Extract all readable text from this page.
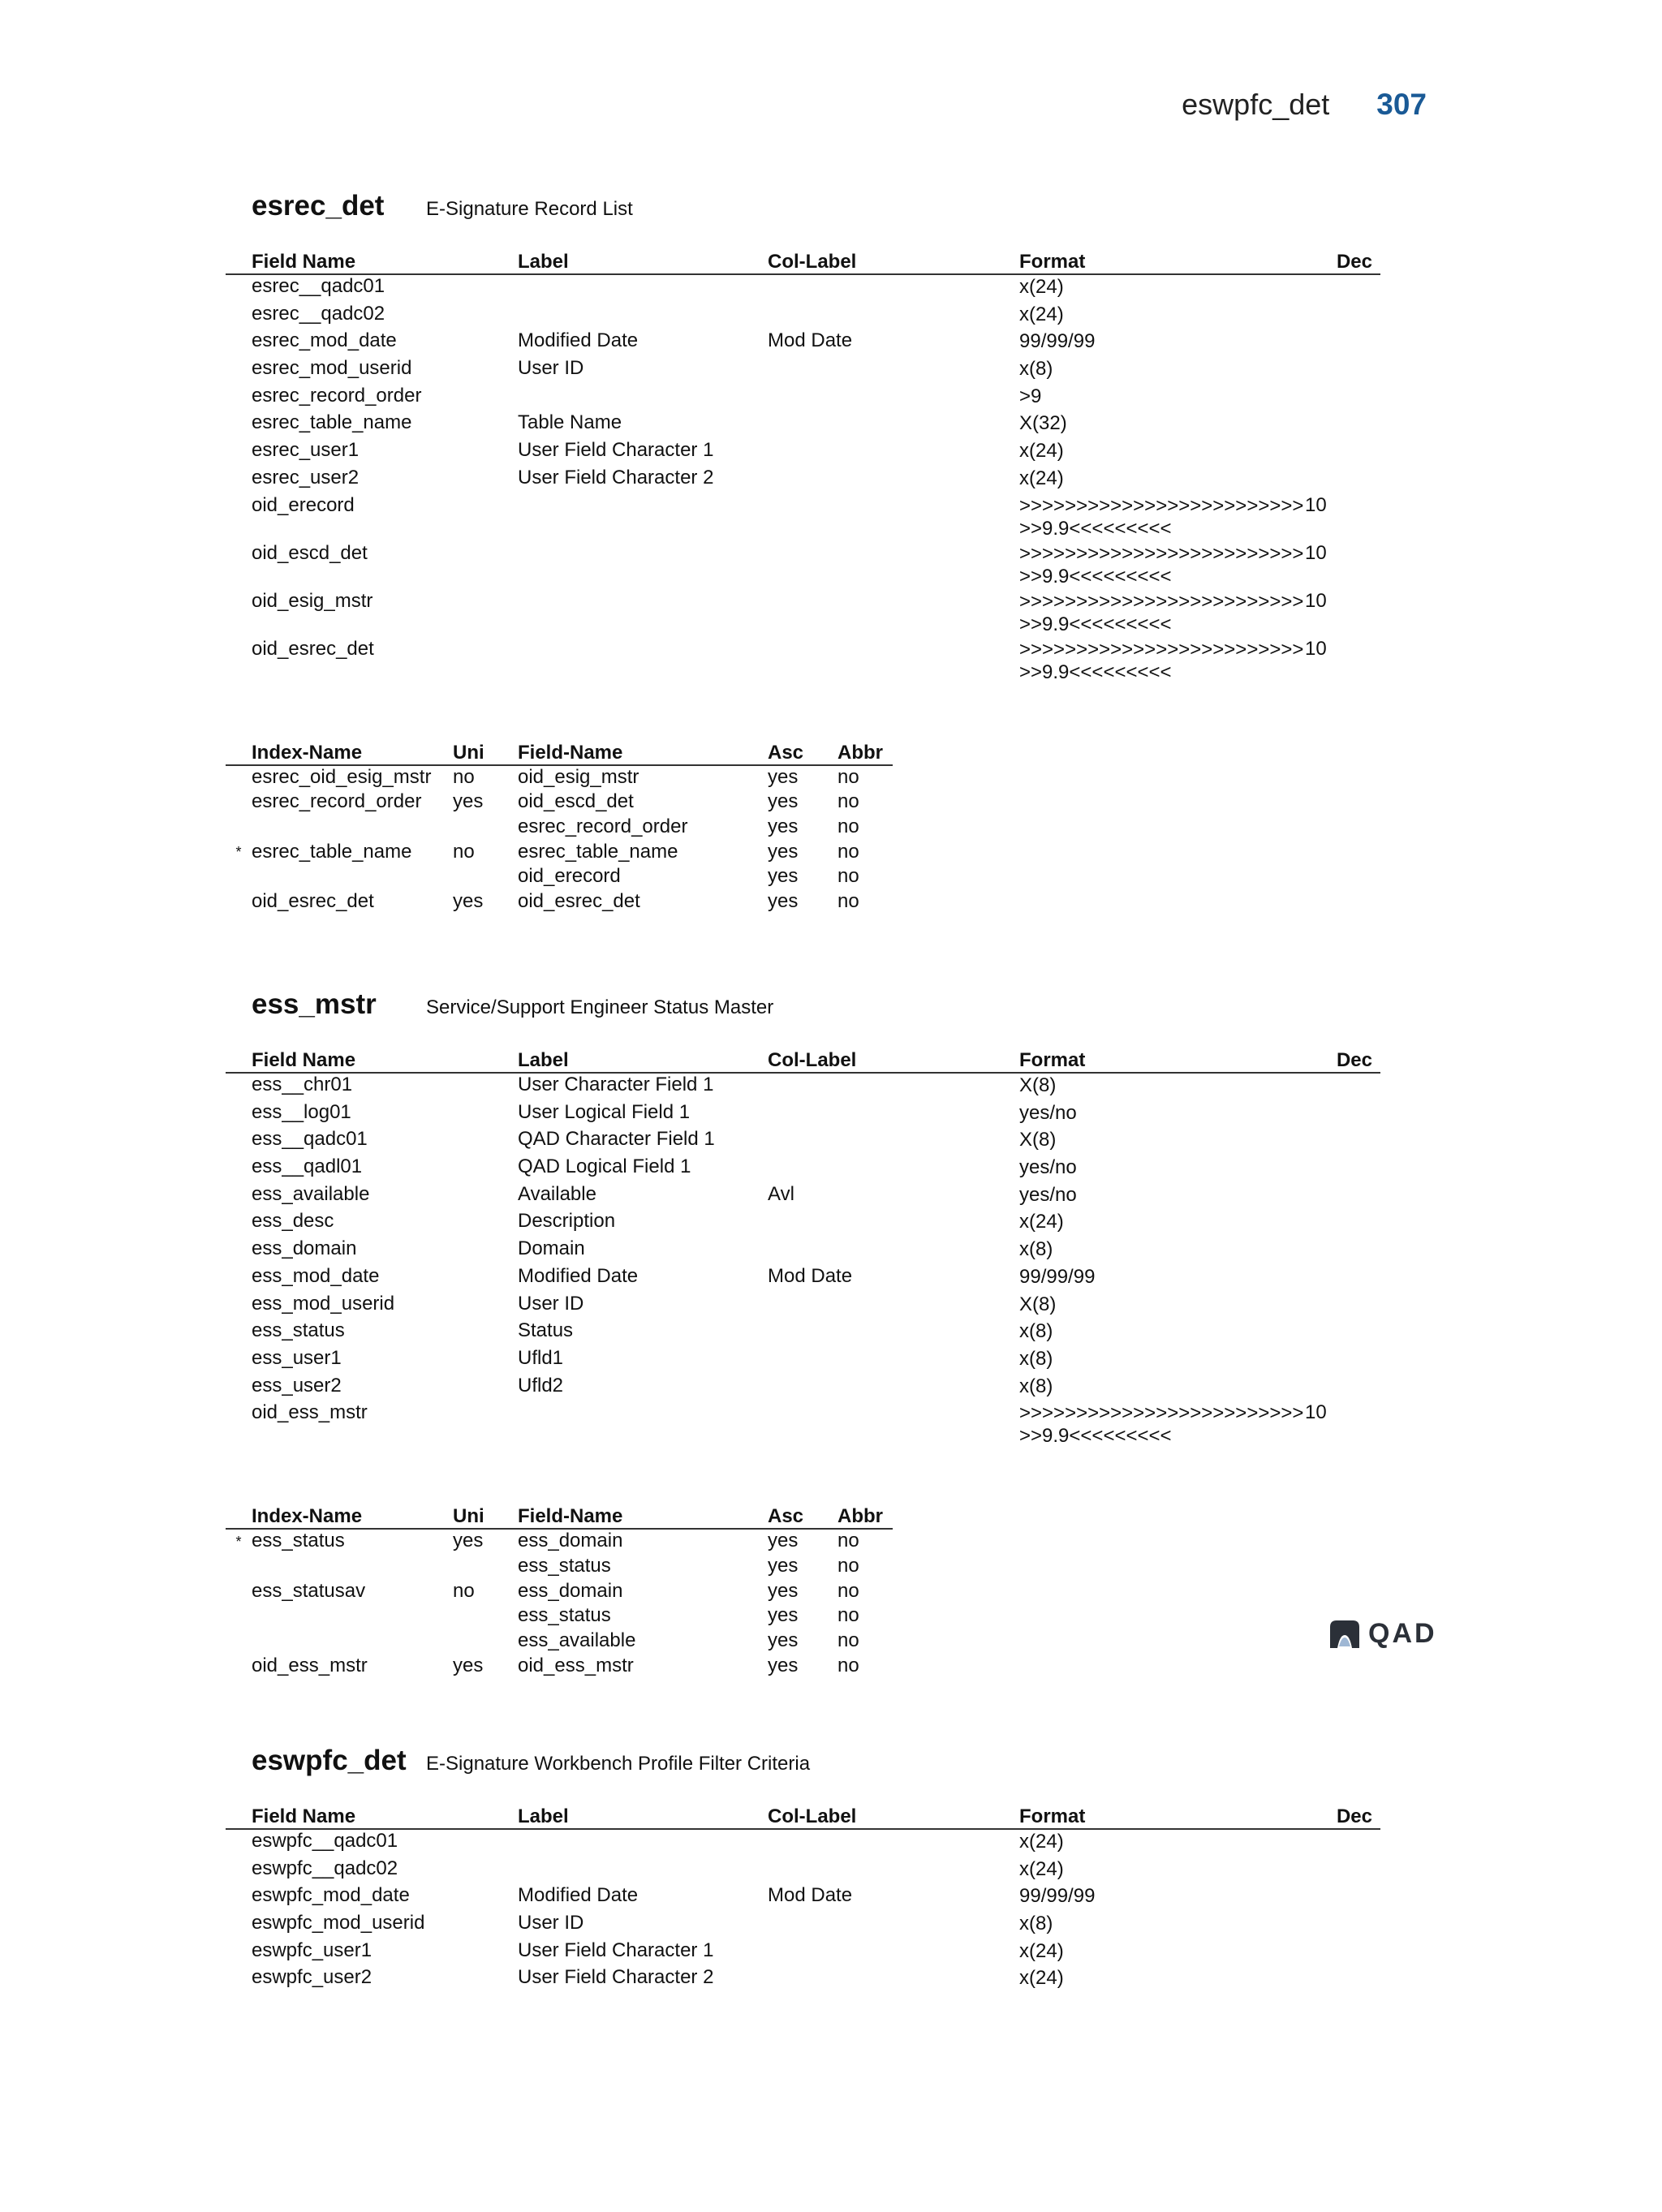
eswpfc_det 307
esrec_det	E-Signature Record List
	Field Name	Label	Col-Label	Format	Dec
	esrec__qadc01			x(24)	
	esrec__qadc02			x(24)	
	esrec_mod_date	Modified Date	Mod Date	99/99/99	
	esrec_mod_userid	User ID		x(8)	
	esrec_record_order			>9	
	esrec_table_name	Table Name		X(32)	
	esrec_user1	User Field Character 1		x(24)	
	esrec_user2	User Field Character 2		x(24)	
	oid_erecord			>>>>>>>>>>>>>>>>>>>>>>>>>>>9.9<<<<<<<<<	10
	oid_escd_det			>>>>>>>>>>>>>>>>>>>>>>>>>>>9.9<<<<<<<<<	10
	oid_esig_mstr			>>>>>>>>>>>>>>>>>>>>>>>>>>>9.9<<<<<<<<<	10
	oid_esrec_det			>>>>>>>>>>>>>>>>>>>>>>>>>>>9.9<<<<<<<<<	10
	Index-Name	Uni	Field-Name	Asc	Abbr
	esrec_oid_esig_mstr	no	oid_esig_mstr	yes	no
	esrec_record_order	yes	oid_escd_det	yes	no
			esrec_record_order	yes	no
*	esrec_table_name	no	esrec_table_name	yes	no
			oid_erecord	yes	no
	oid_esrec_det	yes	oid_esrec_det	yes	no
ess_mstr	Service/Support Engineer Status Master
	Field Name	Label	Col-Label	Format	Dec
	ess__chr01	User Character Field 1		X(8)	
	ess__log01	User Logical Field 1		yes/no	
	ess__qadc01	QAD Character Field 1		X(8)	
	ess__qadl01	QAD Logical Field 1		yes/no	
	ess_available	Available	Avl	yes/no	
	ess_desc	Description		x(24)	
	ess_domain	Domain		x(8)	
	ess_mod_date	Modified Date	Mod Date	99/99/99	
	ess_mod_userid	User ID		X(8)	
	ess_status	Status		x(8)	
	ess_user1	Ufld1		x(8)	
	ess_user2	Ufld2		x(8)	
	oid_ess_mstr			>>>>>>>>>>>>>>>>>>>>>>>>>>>9.9<<<<<<<<<	10
	Index-Name	Uni	Field-Name	Asc	Abbr
*	ess_status	yes	ess_domain	yes	no
			ess_status	yes	no
	ess_statusav	no	ess_domain	yes	no
			ess_status	yes	no
			ess_available	yes	no
	oid_ess_mstr	yes	oid_ess_mstr	yes	no
eswpfc_det	E-Signature Workbench Profile Filter Criteria
	Field Name	Label	Col-Label	Format	Dec
	eswpfc__qadc01			x(24)	
	eswpfc__qadc02			x(24)	
	eswpfc_mod_date	Modified Date	Mod Date	99/99/99	
	eswpfc_mod_userid	User ID		x(8)	
	eswpfc_user1	User Field Character 1		x(24)	
	eswpfc_user2	User Field Character 2		x(24)	
QAD
